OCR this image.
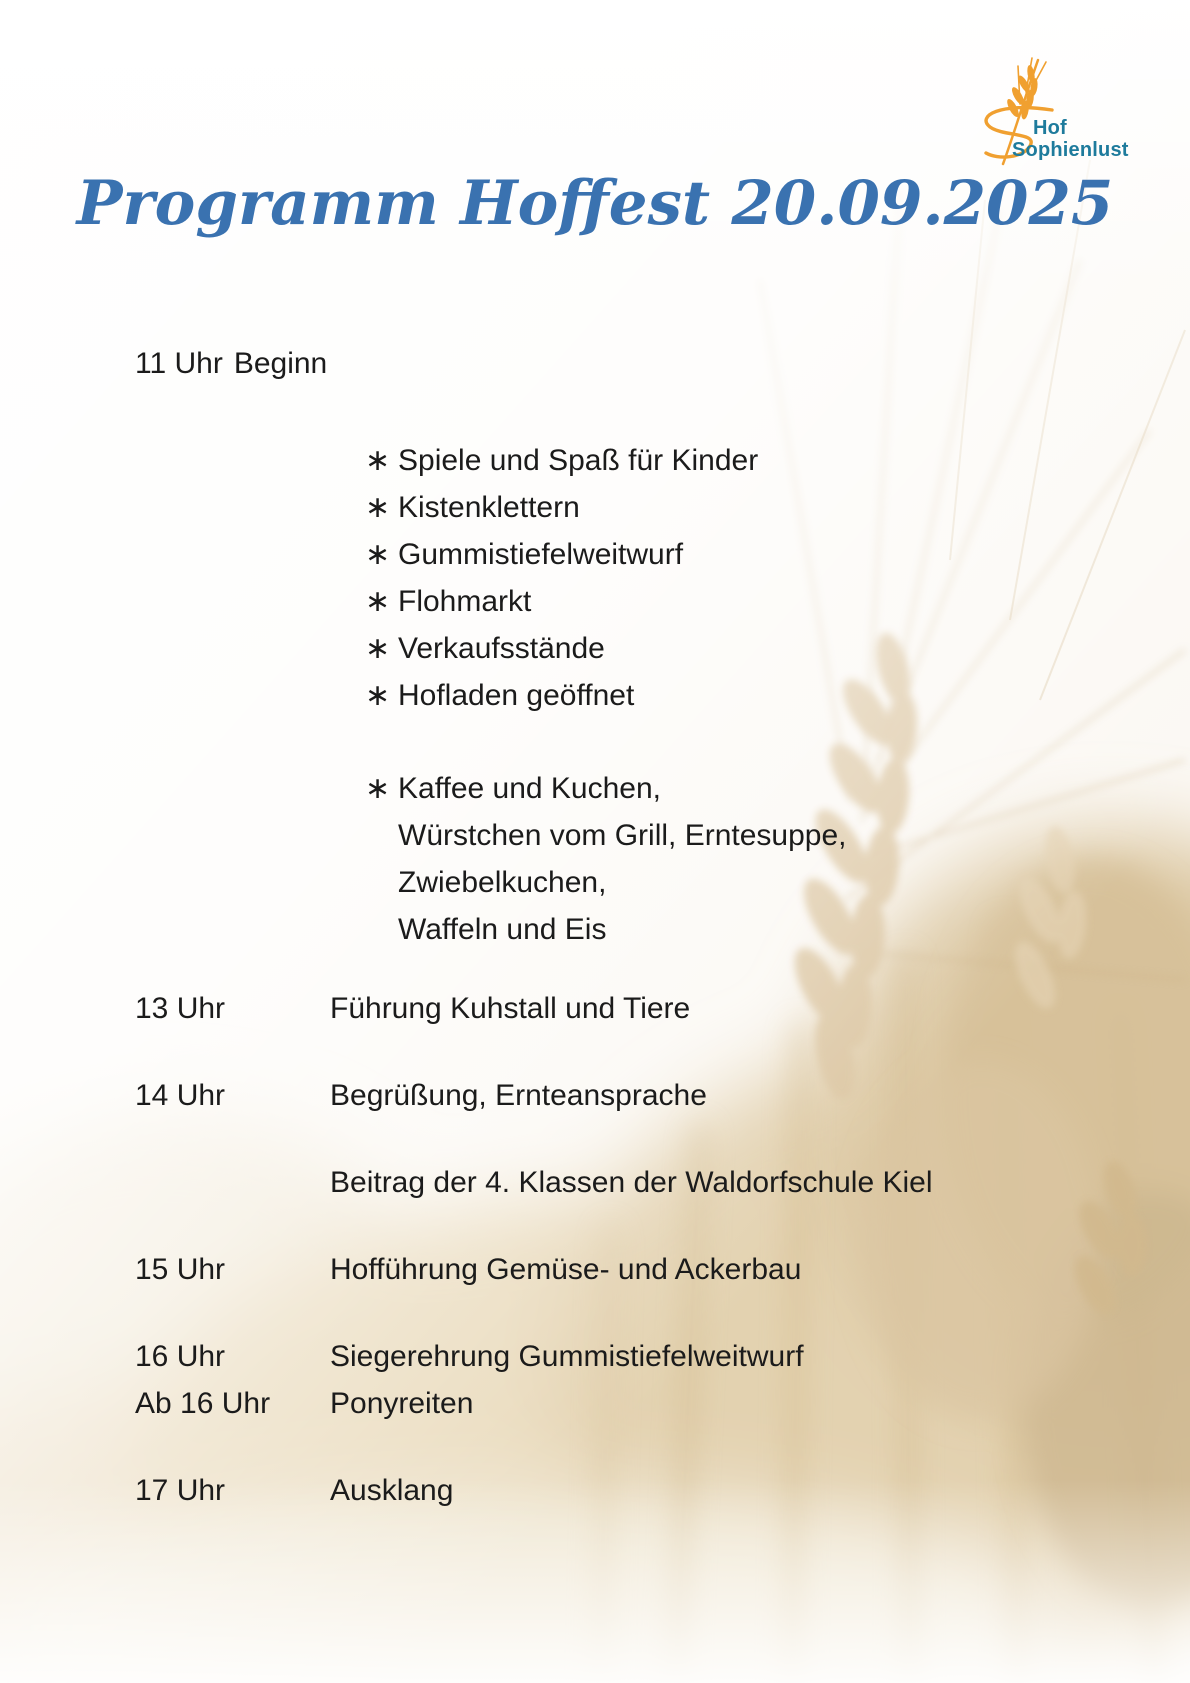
Hof
Sophienlust
Programm Hoffest 20.09.2025
11 Uhr Beginn
∗ Spiele und Spaß für Kinder
∗ Kistenklettern
∗ Gummistiefelweitwurf
∗ Flohmarkt
∗ Verkaufsstände
∗ Hofladen geöffnet
∗ Kaffee und Kuchen,
Würstchen vom Grill, Erntesuppe,
Zwiebelkuchen,
Waffeln und Eis
13 Uhr	Führung Kuhstall und Tiere
14 Uhr	Begrüßung, Ernteansprache
Beitrag der 4. Klassen der Waldorfschule Kiel
15 Uhr	Hofführung Gemüse- und Ackerbau
16 Uhr	Siegerehrung Gummistiefelweitwurf
Ab 16 Uhr	Ponyreiten
17 Uhr	Ausklang
